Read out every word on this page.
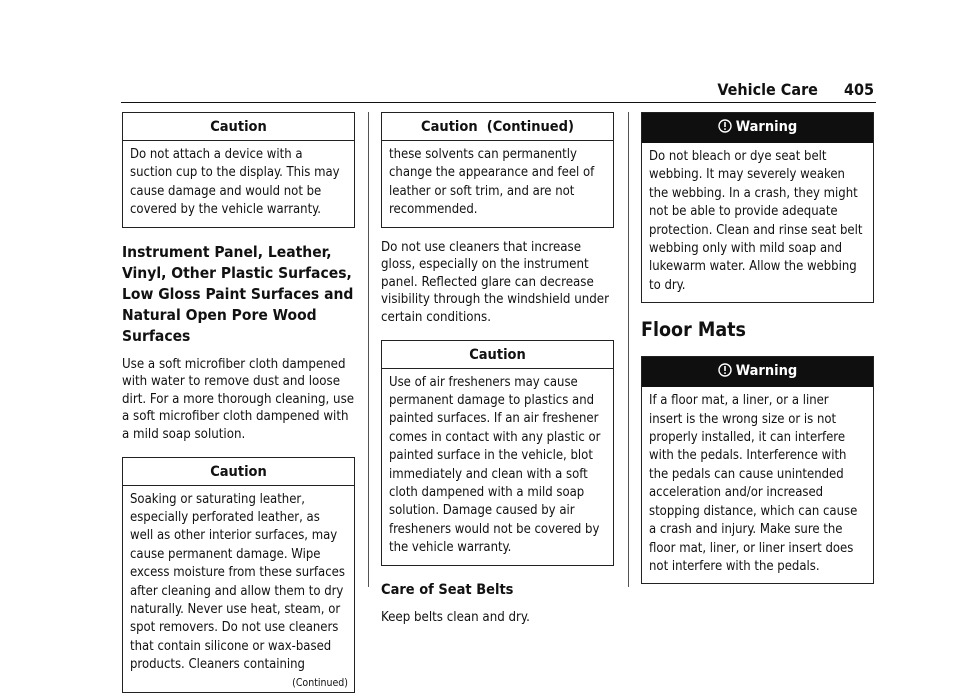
Vehicle Care 405
Caution
Do not attach a device with a suction cup to the display. This may cause damage and would not be covered by the vehicle warranty.
Instrument Panel, Leather, Vinyl, Other Plastic Surfaces, Low Gloss Paint Surfaces and Natural Open Pore Wood Surfaces
Use a soft microfiber cloth dampened with water to remove dust and loose dirt. For a more thorough cleaning, use a soft microfiber cloth dampened with a mild soap solution.
Caution
Soaking or saturating leather, especially perforated leather, as well as other interior surfaces, may cause permanent damage. Wipe excess moisture from these surfaces after cleaning and allow them to dry naturally. Never use heat, steam, or spot removers. Do not use cleaners that contain silicone or wax-based products. Cleaners containing
(Continued)
Caution  (Continued)
these solvents can permanently change the appearance and feel of leather or soft trim, and are not recommended.
Do not use cleaners that increase gloss, especially on the instrument panel. Reflected glare can decrease visibility through the windshield under certain conditions.
Caution
Use of air fresheners may cause permanent damage to plastics and painted surfaces. If an air freshener comes in contact with any plastic or painted surface in the vehicle, blot immediately and clean with a soft cloth dampened with a mild soap solution. Damage caused by air fresheners would not be covered by the vehicle warranty.
Care of Seat Belts
Keep belts clean and dry.
Warning
Do not bleach or dye seat belt webbing. It may severely weaken the webbing. In a crash, they might not be able to provide adequate protection. Clean and rinse seat belt webbing only with mild soap and lukewarm water. Allow the webbing to dry.
Floor Mats
Warning
If a floor mat, a liner, or a liner insert is the wrong size or is not properly installed, it can interfere with the pedals. Interference with the pedals can cause unintended acceleration and/or increased stopping distance, which can cause a crash and injury. Make sure the floor mat, liner, or liner insert does not interfere with the pedals.
